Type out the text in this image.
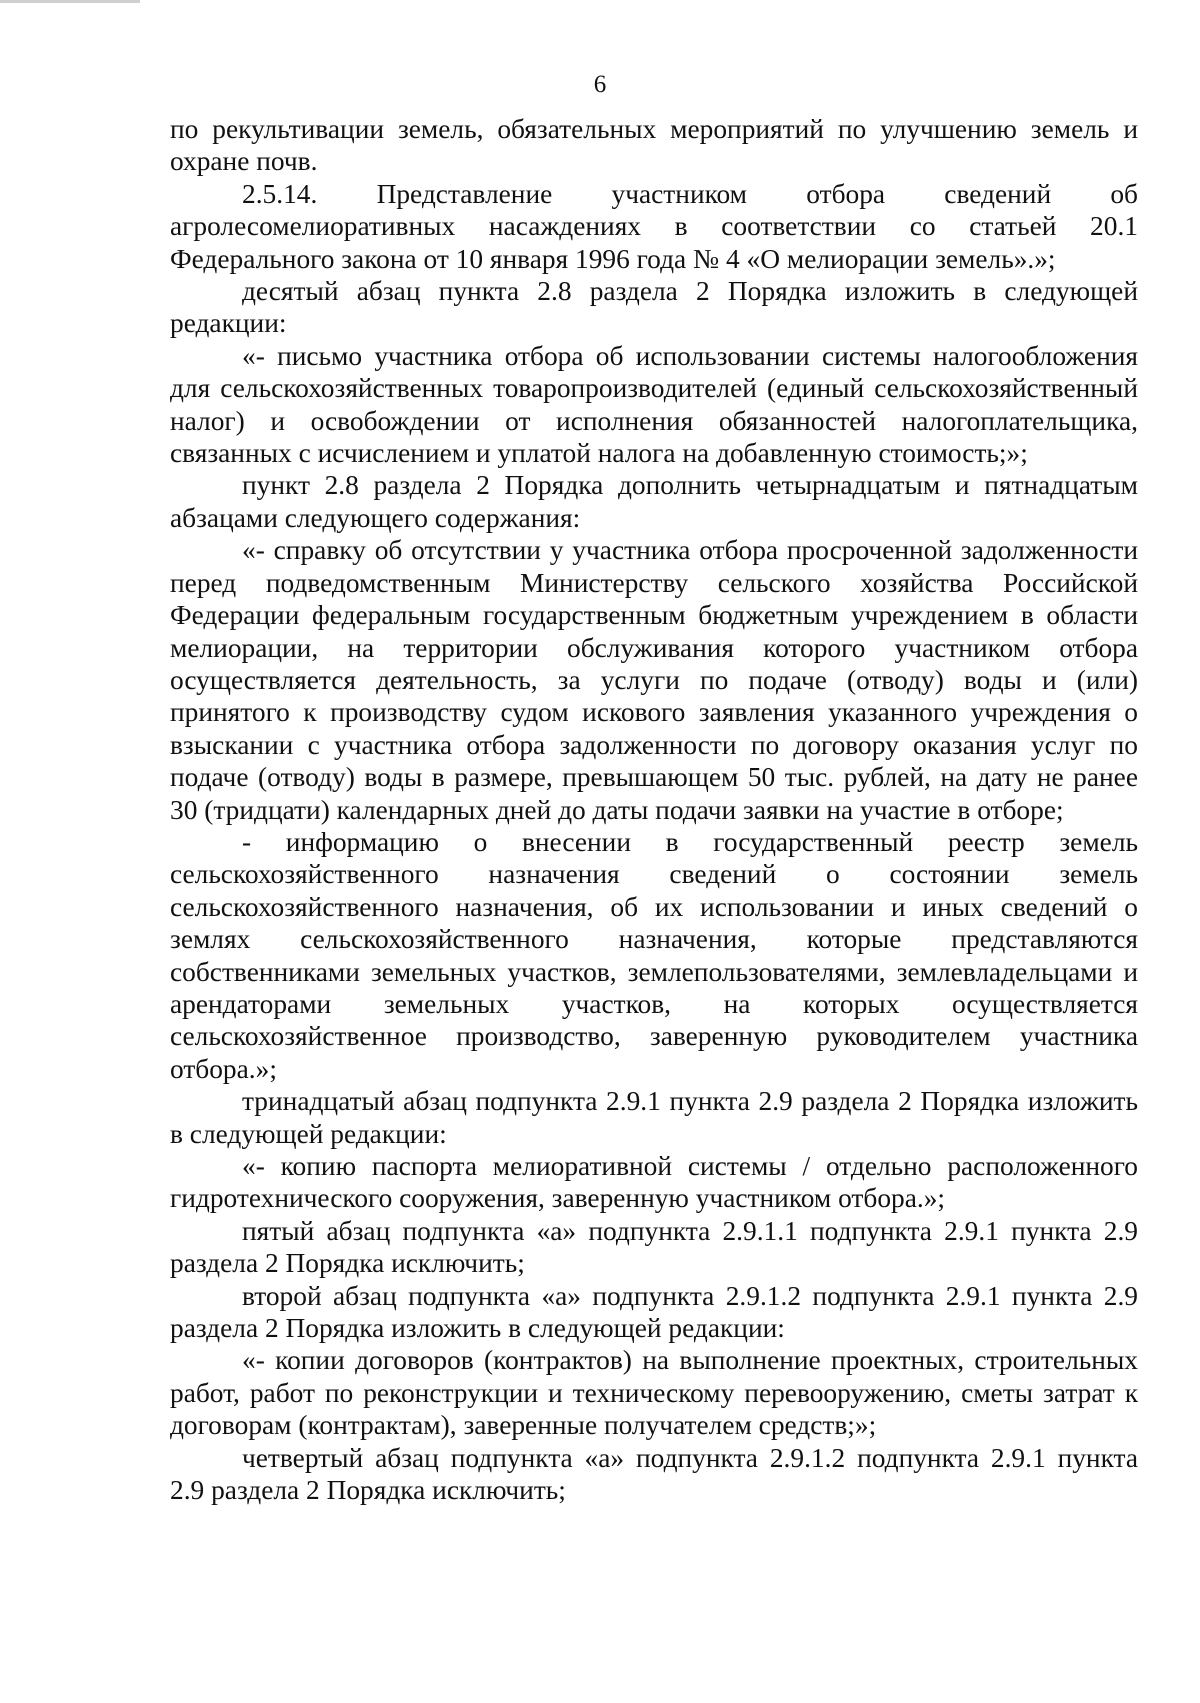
6

по рекультивации земель, обязательных мероприятий по улучшению земель и охране почв.

2.5.14. Представление участником отбора сведений об агролесомелиоративных насаждениях в соответствии со статьей 20.1 Федерального закона от 10 января 1996 года № 4 «О мелиорации земель».»;

десятый абзац пункта 2.8 раздела 2 Порядка изложить в следующей редакции:

«- письмо участника отбора об использовании системы налогообложения для сельскохозяйственных товаропроизводителей (единый сельскохозяйственный налог) и освобождении от исполнения обязанностей налогоплательщика, связанных с исчислением и уплатой налога на добавленную стоимость;»;

пункт 2.8 раздела 2 Порядка дополнить четырнадцатым и пятнадцатым абзацами следующего содержания:

«- справку об отсутствии у участника отбора просроченной задолженности перед подведомственным Министерству сельского хозяйства Российской Федерации федеральным государственным бюджетным учреждением в области мелиорации, на территории обслуживания которого участником отбора осуществляется деятельность, за услуги по подаче (отводу) воды и (или) принятого к производству судом искового заявления указанного учреждения о взыскании с участника отбора задолженности по договору оказания услуг по подаче (отводу) воды в размере, превышающем 50 тыс. рублей, на дату не ранее 30 (тридцати) календарных дней до даты подачи заявки на участие в отборе;

- информацию о внесении в государственный реестр земель сельскохозяйственного назначения сведений о состоянии земель сельскохозяйственного назначения, об их использовании и иных сведений о землях сельскохозяйственного назначения, которые представляются собственниками земельных участков, землепользователями, землевладельцами и арендаторами земельных участков, на которых осуществляется сельскохозяйственное производство, заверенную руководителем участника отбора.»;

тринадцатый абзац подпункта 2.9.1 пункта 2.9 раздела 2 Порядка изложить в следующей редакции:

«- копию паспорта мелиоративной системы / отдельно расположенного гидротехнического сооружения, заверенную участником отбора.»;

пятый абзац подпункта «а» подпункта 2.9.1.1 подпункта 2.9.1 пункта 2.9 раздела 2 Порядка исключить;

второй абзац подпункта «а» подпункта 2.9.1.2 подпункта 2.9.1 пункта 2.9 раздела 2 Порядка изложить в следующей редакции:

«- копии договоров (контрактов) на выполнение проектных, строительных работ, работ по реконструкции и техническому перевооружению, сметы затрат к договорам (контрактам), заверенные получателем средств;»;

четвертый абзац подпункта «а» подпункта 2.9.1.2 подпункта 2.9.1 пункта 2.9 раздела 2 Порядка исключить;
